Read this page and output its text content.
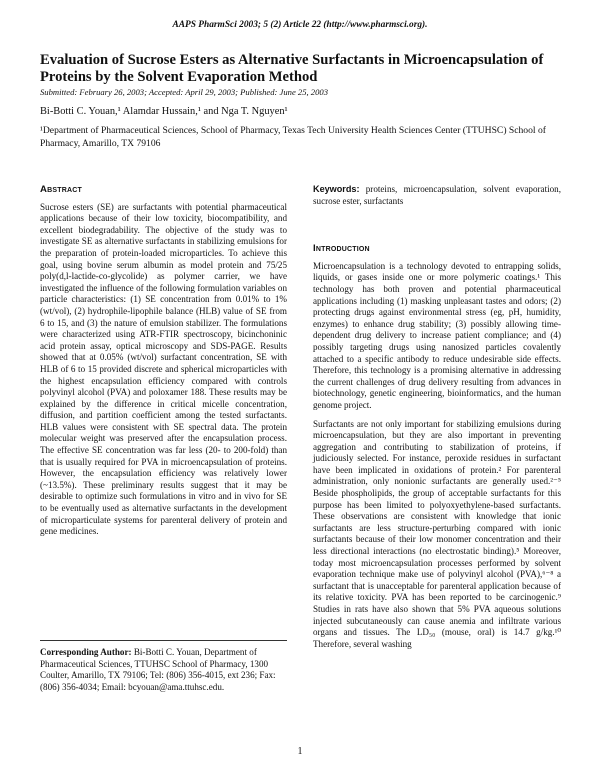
AAPS PharmSci 2003; 5 (2) Article 22 (http://www.pharmsci.org).
Evaluation of Sucrose Esters as Alternative Surfactants in Microencapsulation of Proteins by the Solvent Evaporation Method
Submitted: February 26, 2003; Accepted: April 29, 2003; Published: June 25, 2003
Bi-Botti C. Youan,¹ Alamdar Hussain,¹ and Nga T. Nguyen¹
¹Department of Pharmaceutical Sciences, School of Pharmacy, Texas Tech University Health Sciences Center (TTUHSC) School of Pharmacy, Amarillo, TX 79106
Abstract
Sucrose esters (SE) are surfactants with potential pharmaceutical applications because of their low toxicity, biocompatibility, and excellent biodegradability. The objective of the study was to investigate SE as alternative surfactants in stabilizing emulsions for the preparation of protein-loaded microparticles. To achieve this goal, using bovine serum albumin as model protein and 75/25 poly(d,l-lactide-co-glycolide) as polymer carrier, we have investigated the influence of the following formulation variables on particle characteristics: (1) SE concentration from 0.01% to 1% (wt/vol), (2) hydrophile-lipophile balance (HLB) value of SE from 6 to 15, and (3) the nature of emulsion stabilizer. The formulations were characterized using ATR-FTIR spectroscopy, bicinchoninic acid protein assay, optical microscopy and SDS-PAGE. Results showed that at 0.05% (wt/vol) surfactant concentration, SE with HLB of 6 to 15 provided discrete and spherical microparticles with the highest encapsulation efficiency compared with controls polyvinyl alcohol (PVA) and poloxamer 188. These results may be explained by the difference in critical micelle concentration, diffusion, and partition coefficient among the tested surfactants. HLB values were consistent with SE spectral data. The protein molecular weight was preserved after the encapsulation process. The effective SE concentration was far less (20- to 200-fold) than that is usually required for PVA in microencapsulation of proteins. However, the encapsulation efficiency was relatively lower (~13.5%). These preliminary results suggest that it may be desirable to optimize such formulations in vitro and in vivo for SE to be eventually used as alternative surfactants in the development of microparticulate systems for parenteral delivery of protein and gene medicines.
Corresponding Author: Bi-Botti C. Youan, Department of Pharmaceutical Sciences, TTUHSC School of Pharmacy, 1300 Coulter, Amarillo, TX 79106; Tel: (806) 356-4015, ext 236; Fax: (806) 356-4034; Email: bcyouan@ama.ttuhsc.edu.
Keywords: proteins, microencapsulation, solvent evaporation, sucrose ester, surfactants
Introduction
Microencapsulation is a technology devoted to entrapping solids, liquids, or gases inside one or more polymeric coatings.¹ This technology has both proven and potential pharmaceutical applications including (1) masking unpleasant tastes and odors; (2) protecting drugs against environmental stress (eg, pH, humidity, enzymes) to enhance drug stability; (3) possibly allowing time-dependent drug delivery to increase patient compliance; and (4) possibly targeting drugs using nanosized particles covalently attached to a specific antibody to reduce undesirable side effects. Therefore, this technology is a promising alternative in addressing the current challenges of drug delivery resulting from advances in biotechnology, genetic engineering, bioinformatics, and the human genome project.
Surfactants are not only important for stabilizing emulsions during microencapsulation, but they are also important in preventing aggregation and contributing to stabilization of proteins, if judiciously selected. For instance, peroxide residues in surfactant have been implicated in oxidations of protein.² For parenteral administration, only nonionic surfactants are generally used.²⁻⁵ Beside phospholipids, the group of acceptable surfactants for this purpose has been limited to polyoxyethylene-based surfactants. These observations are consistent with knowledge that ionic surfactants are less structure-perturbing compared with ionic surfactants because of their low monomer concentration and their less directional interactions (no electrostatic binding).⁵ Moreover, today most microencapsulation processes performed by solvent evaporation technique make use of polyvinyl alcohol (PVA),⁶⁻⁸ a surfactant that is unacceptable for parenteral application because of its relative toxicity. PVA has been reported to be carcinogenic.⁹ Studies in rats have also shown that 5% PVA aqueous solutions injected subcutaneously can cause anemia and infiltrate various organs and tissues. The LD₅₀ (mouse, oral) is 14.7 g/kg.¹⁰ Therefore, several washing
1
